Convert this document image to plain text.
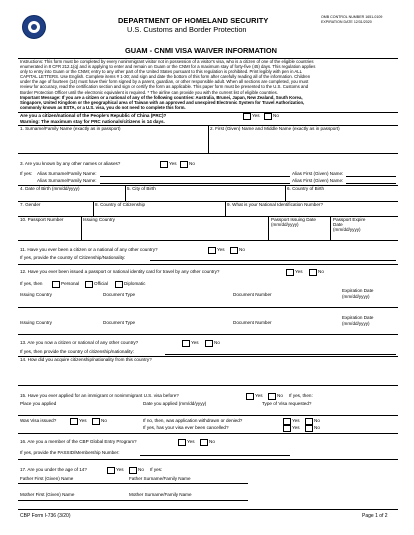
DEPARTMENT OF HOMELAND SECURITY
U.S. Customs and Border Protection
OMB CONTROL NUMBER 1651-0109
EXPIRATION DATE 12/31/2020
GUAM - CNMI VISA WAIVER INFORMATION
Instructions: This form must be completed by every nonimmigrant visitor not in possession of a visitor's visa, who is a citizen of one of the eligible countries
enumerated in 8 CFR 212.1(q) and is applying to enter and remain on Guam or the CNMI for a maximum stay of forty-five (45) days. This regulation applies
only to entry into Guam or the CNMI; entry to any other part of the United States pursuant to this regulation is prohibited. Print legibly with pen in ALL
CAPITAL LETTERS. Use English. Complete items # 1-30; and sign and date the bottom of this form after carefully reading all of the information. Children
under the age of fourteen (14) must have their form signed by a parent, guardian, or other responsible adult. When all sections are completed, you must
review for accuracy, read the certification section and sign or certify the form as applicable. This paper form must be presented to the U.S. Customs and
Border Protection Officer until the electronic equivalent is required. * The airline can provide you with the current list of eligible countries.
Important Message: If you are a citizen or a national of any of the following countries: Australia, Brunei, Japan, New Zealand, South Korea,
Singapore, United Kingdom or the geographical area of Taiwan with an approved and unexpired Electronic System for Travel Authorization,
commonly known as ESTA, or a U.S. visa, you do not need to complete this form.
Are you a citizen/national of the People's Republic of China (PRC)?	Yes	No
Warning: The maximum stay for PRC nationals/citizens is 14 days.
1. Surname/Family Name (exactly as in passport)	2. First (Given) Name and Middle Name (exactly as in passport)
3. Are you known by any other names or aliases?	Yes	No
If yes: Alias Surname/Family Name:	Alias First (Given) Name:
Alias Surname/Family Name:	Alias First (Given) Name:
4. Date of Birth (mm/dd/yyyy)	5. City of Birth	6. Country of Birth
7. Gender	8. Country of Citizenship	9. What is your National Identification Number?
10. Passport Number	Issuing Country	Passport Issuing Date
(mm/dd/yyyy)
Passport Expire
Date
(mm/dd/yyyy)
11. Have you ever been a citizen or a national of any other country?	Yes	No
If yes, provide the country of Citizenship/Nationality:
12. Have you ever been issued a passport or national identity card for travel by any other country?	Yes	No
If yes, then	Personal	Official	Diplomatic
Issuing Country	Document Type	Document Number
Expiration Date
(mm/dd/yyyy)
Issuing Country	Document Type	Document Number
Expiration Date
(mm/dd/yyyy)
13. Are you now a citizen or national of any other country?	Yes	No
If yes, then provide the country of citizenship/nationality:
14. How did you acquire citizenship/nationality from this country?
15. Have you ever applied for an immigrant or nonimmigrant U.S. visa before?	Yes	No If yes, then:
Place you applied	Date you applied (mm/dd/yyyy)	Type of Visa requested?
Was Visa issued?	Yes	No	If no, then, was application withdrawn or denied?	Yes	No
If yes, has your visa ever been cancelled?	Yes	No
16. Are you a member of the CBP Global Entry Program?	Yes	No
If yes, provide the PASSID/Membership Number:
17. Are you under the age of 14?	Yes	No If yes:
Father First (Given) Name	Father Surname/Family Name
Mother First (Given) Name	Mother Surname/Family Name
CBP Form I-736 (3/20)	Page 1 of 2
